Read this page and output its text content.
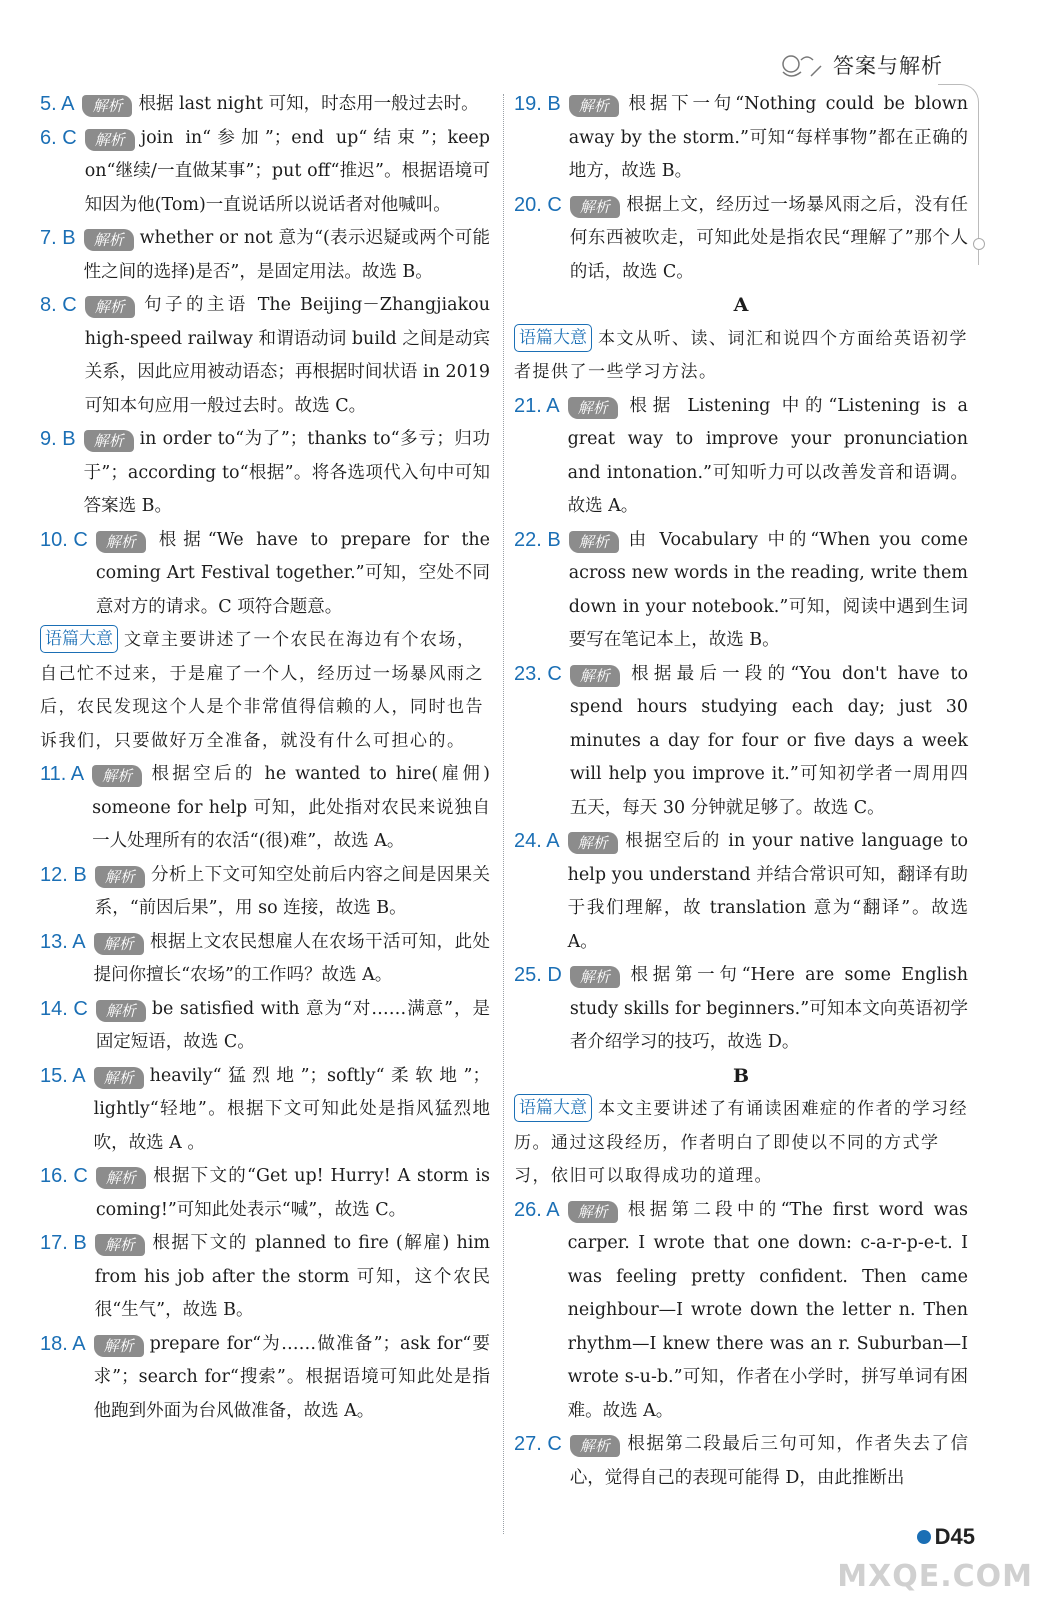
答案与解析
5. A	解析 根据 last night 可知，时态用一般过去时。
6. C	解析 join in“参加”；end up“结束”；keep on“继续/一直做某事”；put off“推迟”。根据语境可知因为他(Tom)一直说话所以说话者对他喊叫。
7. B	解析 whether or not 意为“(表示迟疑或两个可能性之间的选择)是否”，是固定用法。故选 B。
8. C	解析 句子的主语 The Beijing－Zhangjiakou high-speed railway 和谓语动词 build 之间是动宾关系，因此应用被动语态；再根据时间状语 in 2019 可知本句应用一般过去时。故选 C。
9. B	解析 in order to“为了”；thanks to“多亏；归功于”；according to“根据”。将各选项代入句中可知答案选 B。
10. C	解析 根据“We have to prepare for the coming Art Festival together.”可知，空处不同意对方的请求。C 项符合题意。

语篇大意 文章主要讲述了一个农民在海边有个农场，自己忙不过来，于是雇了一个人，经历过一场暴风雨之后，农民发现这个人是个非常值得信赖的人，同时也告诉我们，只要做好万全准备，就没有什么可担心的。

11. A	解析 根据空后的 he wanted to hire(雇佣) someone for help 可知，此处指对农民来说独自一人处理所有的农活“(很)难”，故选 A。
12. B	解析 分析上下文可知空处前后内容之间是因果关系，“前因后果”，用 so 连接，故选 B。
13. A	解析 根据上文农民想雇人在农场干活可知，此处提问你擅长“农场”的工作吗？故选 A。
14. C	解析 be satisfied with 意为“对……满意”，是固定短语，故选 C。
15. A	解析 heavily“猛烈地”；softly“柔软地”；lightly“轻地”。根据下文可知此处是指风猛烈地吹，故选 A 。
16. C	解析 根据下文的“Get up! Hurry! A storm is coming!”可知此处表示“喊”，故选 C。
17. B	解析 根据下文的 planned to fire (解雇) him from his job after the storm 可知，这个农民很“生气”，故选 B。
18. A	解析 prepare for“为……做准备”；ask for“要求”；search for“搜索”。根据语境可知此处是指他跑到外面为台风做准备，故选 A。
19. B	解析 根据下一句“Nothing could be blown away by the storm.”可知“每样事物”都在正确的地方，故选 B。
20. C	解析 根据上文，经历过一场暴风雨之后，没有任何东西被吹走，可知此处是指农民“理解了”那个人的话，故选 C。
A

语篇大意 本文从听、读、词汇和说四个方面给英语初学者提供了一些学习方法。

21. A	解析 根据 Listening 中的“Listening is a great way to improve your pronunciation and intonation.”可知听力可以改善发音和语调。故选 A。
22. B	解析 由 Vocabulary 中的“When you come across new words in the reading, write them down in your notebook.”可知，阅读中遇到生词要写在笔记本上，故选 B。
23. C	解析 根据最后一段的“You don't have to spend hours studying each day; just 30 minutes a day for four or five days a week will help you improve it.”可知初学者一周用四五天，每天 30 分钟就足够了。故选 C。
24. A	解析 根据空后的 in your native language to help you understand 并结合常识可知，翻译有助于我们理解，故 translation 意为“翻译”。故选 A。
25. D	解析 根据第一句“Here are some English study skills for beginners.”可知本文向英语初学者介绍学习的技巧，故选 D。
B

语篇大意 本文主要讲述了有诵读困难症的作者的学习经历。通过这段经历，作者明白了即使以不同的方式学习，依旧可以取得成功的道理。

26. A	解析 根据第二段中的“The first word was carper. I wrote that one down: c-a-r-p-e-t. I was feeling pretty confident. Then came neighbour—I wrote down the letter n. Then rhythm—I knew there was an r. Suburban—I wrote s-u-b.”可知，作者在小学时，拼写单词有困难。故选 A。
27. C	解析 根据第二段最后三句可知，作者失去了信心，觉得自己的表现可能得 D，由此推断出
D45
MXQE.COM
